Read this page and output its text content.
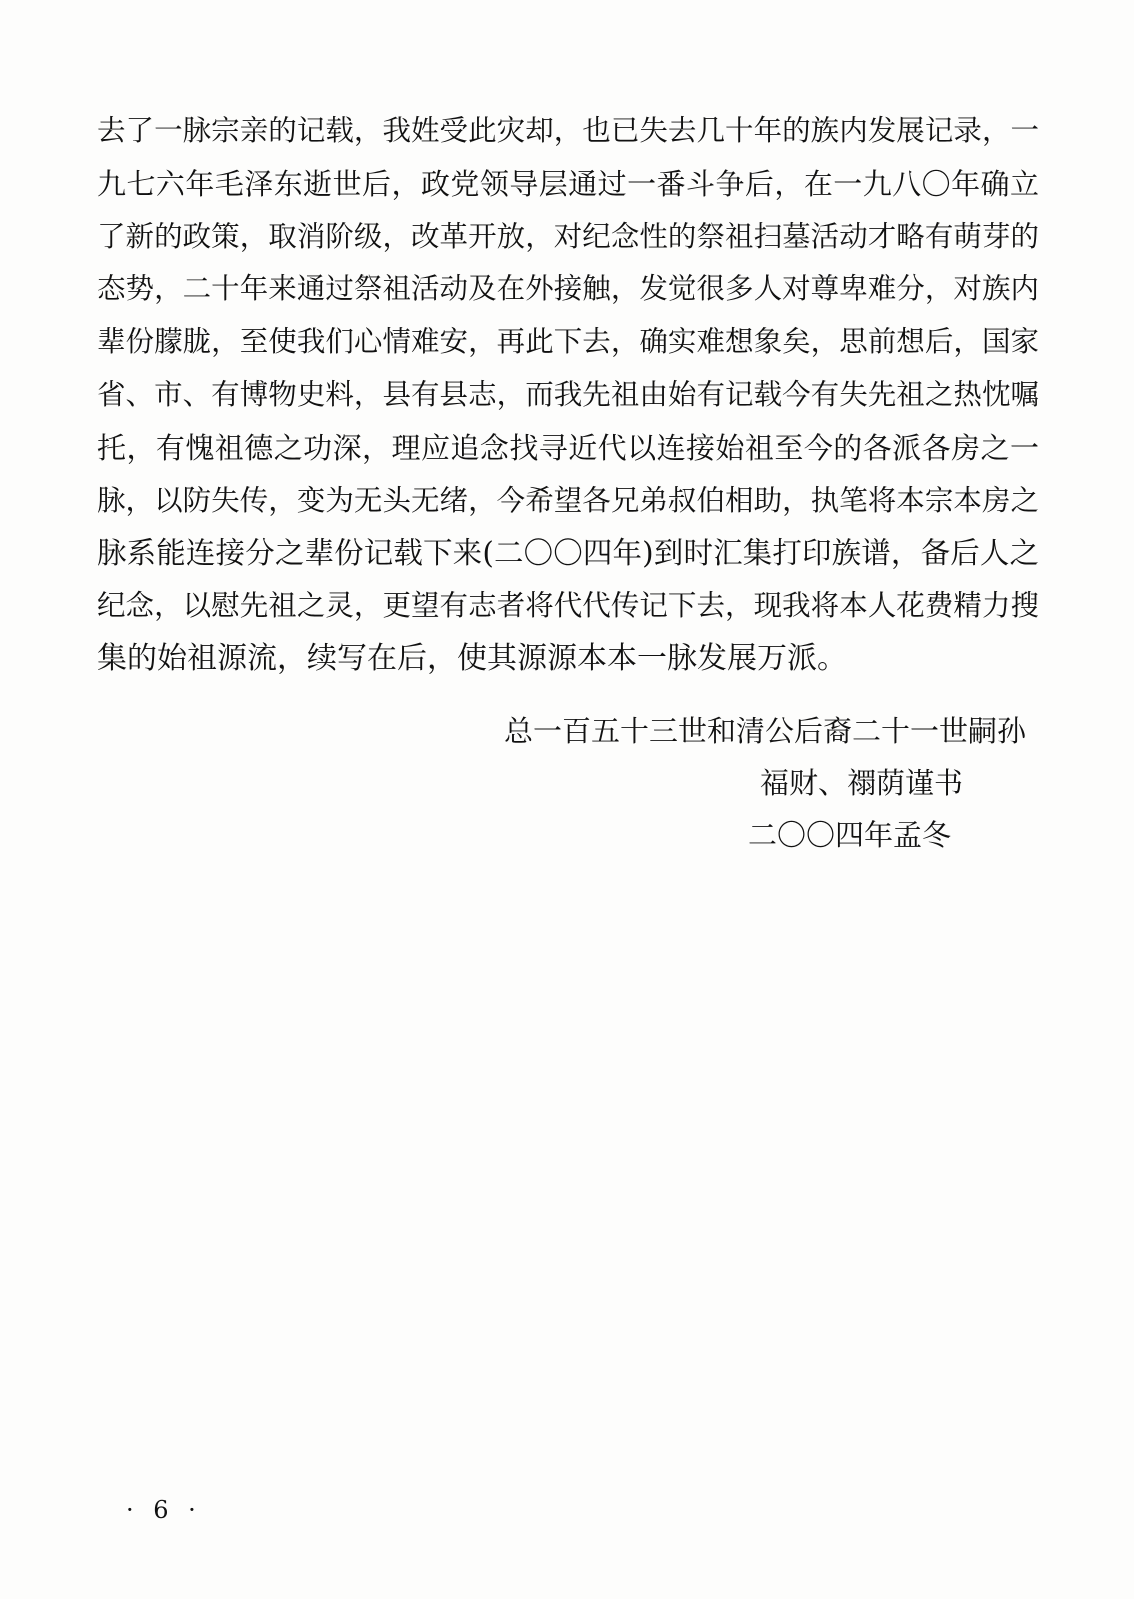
去了一脉宗亲的记载，我姓受此灾却，也已失去几十年的族内发展记录，一
九七六年毛泽东逝世后，政党领导层通过一番斗争后，在一九八〇年确立
了新的政策，取消阶级，改革开放，对纪念性的祭祖扫墓活动才略有萌芽的
态势，二十年来通过祭祖活动及在外接触，发觉很多人对尊卑难分，对族内
辈份朦胧，至使我们心情难安，再此下去，确实难想象矣，思前想后，国家
省、市、有博物史料，县有县志，而我先祖由始有记载今有失先祖之热忱嘱
托，有愧祖德之功深，理应追念找寻近代以连接始祖至今的各派各房之一
脉，以防失传，变为无头无绪，今希望各兄弟叔伯相助，执笔将本宗本房之
脉系能连接分之辈份记载下来(二〇〇四年)到时汇集打印族谱，备后人之
纪念，以慰先祖之灵，更望有志者将代代传记下去，现我将本人花费精力搜
集的始祖源流，续写在后，使其源源本本一脉发展万派。
总一百五十三世和清公后裔二十一世嗣孙
福财、禤荫谨书
二〇〇四年孟冬
· 6 ·
